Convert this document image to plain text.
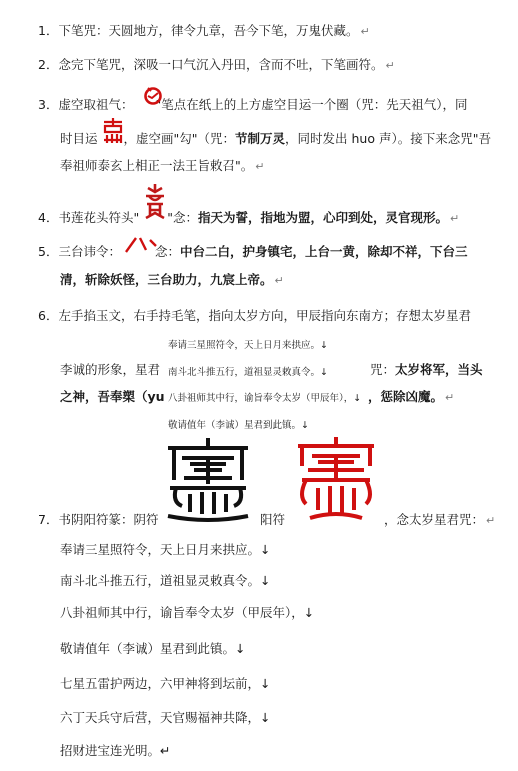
1．下笔咒：天圆地方，律令九章，吾今下笔，万鬼伏藏。 ↵
2．念完下笔咒，深吸一口气沉入丹田，含而不吐，下笔画符。 ↵
3．虚空取祖气： "笔点在纸上的上方虚空目运一个圈（咒：先天祖气），同
时目运 ，虚空画"勾"（咒：节制万灵，同时发出 huo 声）。接下来念咒"吾
奉祖师泰玄上相正一法王旨敕召"。 ↵
4．书莲花头符头" "念：指天为誓，指地为盟，心印到处，灵官现形。 ↵
5．三台讳令：	念：中台二白，护身镇宅，上台一黄，除却不祥，下台三
清，斩除妖怪，三台助力，九宸上帝。 ↵
6．左手掐玉文，右手持毛笔，指向太岁方向，甲辰指向东南方；存想太岁星君
李诚的形象，星君	咒：太岁将军，当头
之神，吾奉槊（yu	，惩除凶魔。 ↵
奉请三星照符令，天上日月来拱应。↓
南斗北斗推五行，道祖显灵敕真令。↓
八卦祖师其中行，谕旨奉令太岁（甲辰年），↓
敬请值年（李诚）星君到此镇。↓
7．书阴阳符篆：阴符	阳符	，念太岁星君咒： ↵
奉请三星照符令，天上日月来拱应。↓
南斗北斗推五行，道祖显灵敕真令。↓
八卦祖师其中行，谕旨奉令太岁（甲辰年），↓
敬请值年（李诚）星君到此镇。↓
七星五雷护两边，六甲神将到坛前，↓
六丁天兵守后营，天官赐福神共降，↓
招财进宝连光明。↵
